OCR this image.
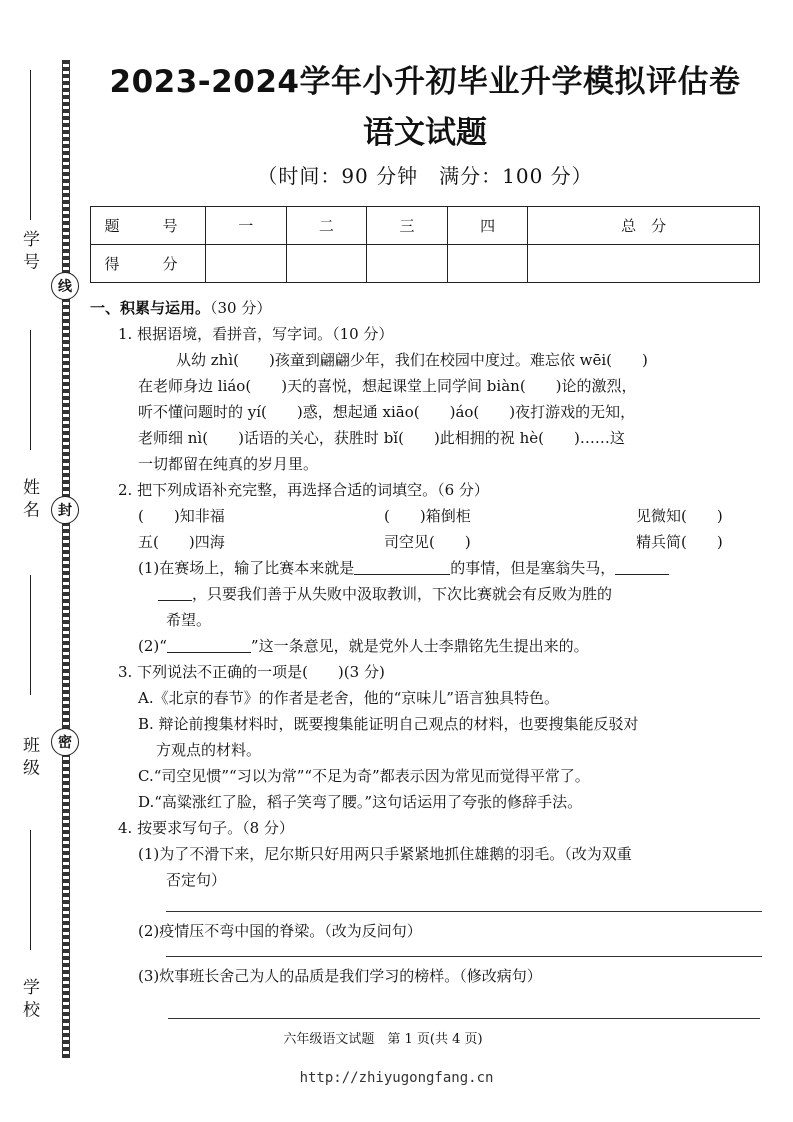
线
封
密
学 号
姓 名
班 级
学 校
2023-2024学年小升初毕业升学模拟评估卷
语文试题
（时间：90 分钟　满分：100 分）
题　号	一	二	三	四	总　分
得　分					

一、积累与运用。（30 分）

1. 根据语境，看拼音，写字词。（10 分）

从幼 zhì(　　)孩童到翩翩少年，我们在校园中度过。难忘依 wēi(　　)

在老师身边 liáo(　　)天的喜悦，想起课堂上同学间 biàn(　　)论的激烈，

听不懂问题时的 yí(　　)惑，想起通 xiāo(　　)áo(　　)夜打游戏的无知，

老师细 nì(　　)话语的关心，获胜时 bǐ(　　)此相拥的祝 hè(　　)……这

一切都留在纯真的岁月里。

2. 把下列成语补充完整，再选择合适的词填空。（6 分）

(　　)知非福	(　　)箱倒柜	见微知(　　)
五(　　)四海	司空见(　　)	精兵简(　　)

(1)在赛场上，输了比赛本来就是	的事情，但是塞翁失马，

，只要我们善于从失败中汲取教训，下次比赛就会有反败为胜的

希望。

(2)“	”这一条意见，就是党外人士李鼎铭先生提出来的。

3. 下列说法不正确的一项是(　　)(3 分)

A.《北京的春节》的作者是老舍，他的“京味儿”语言独具特色。

B. 辩论前搜集材料时，既要搜集能证明自己观点的材料，也要搜集能反驳对

方观点的材料。

C.“司空见惯”“习以为常”“不足为奇”都表示因为常见而觉得平常了。

D.“高粱涨红了脸，稻子笑弯了腰。”这句话运用了夸张的修辞手法。

4. 按要求写句子。（8 分）

(1)为了不滑下来，尼尔斯只好用两只手紧紧地抓住雄鹅的羽毛。（改为双重

否定句）

(2)疫情压不弯中国的脊梁。（改为反问句）

(3)炊事班长舍己为人的品质是我们学习的榜样。（修改病句）

六年级语文试题　第 1 页(共 4 页)
http://zhiyugongfang.cn
